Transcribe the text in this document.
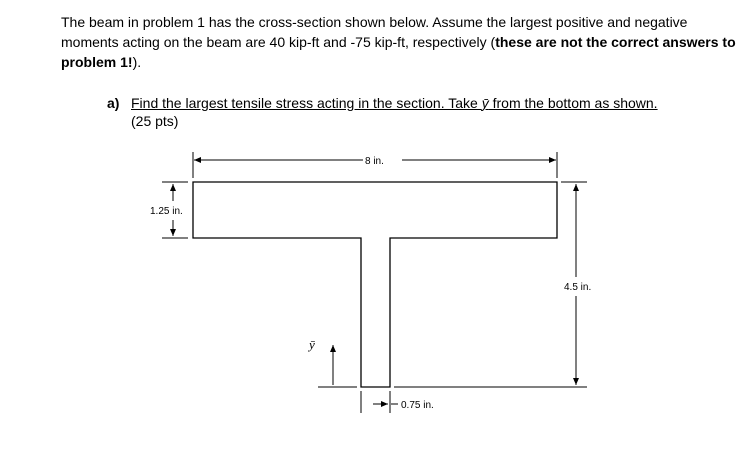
The beam in problem 1 has the cross-section shown below. Assume the largest positive and negative moments acting on the beam are 40 kip-ft and -75 kip-ft, respectively (these are not the correct answers to problem 1!).
a) Find the largest tensile stress acting in the section. Take ȳ from the bottom as shown. (25 pts)
8 in.
1.25 in.
4.5 in.
0.75 in.
ȳ
